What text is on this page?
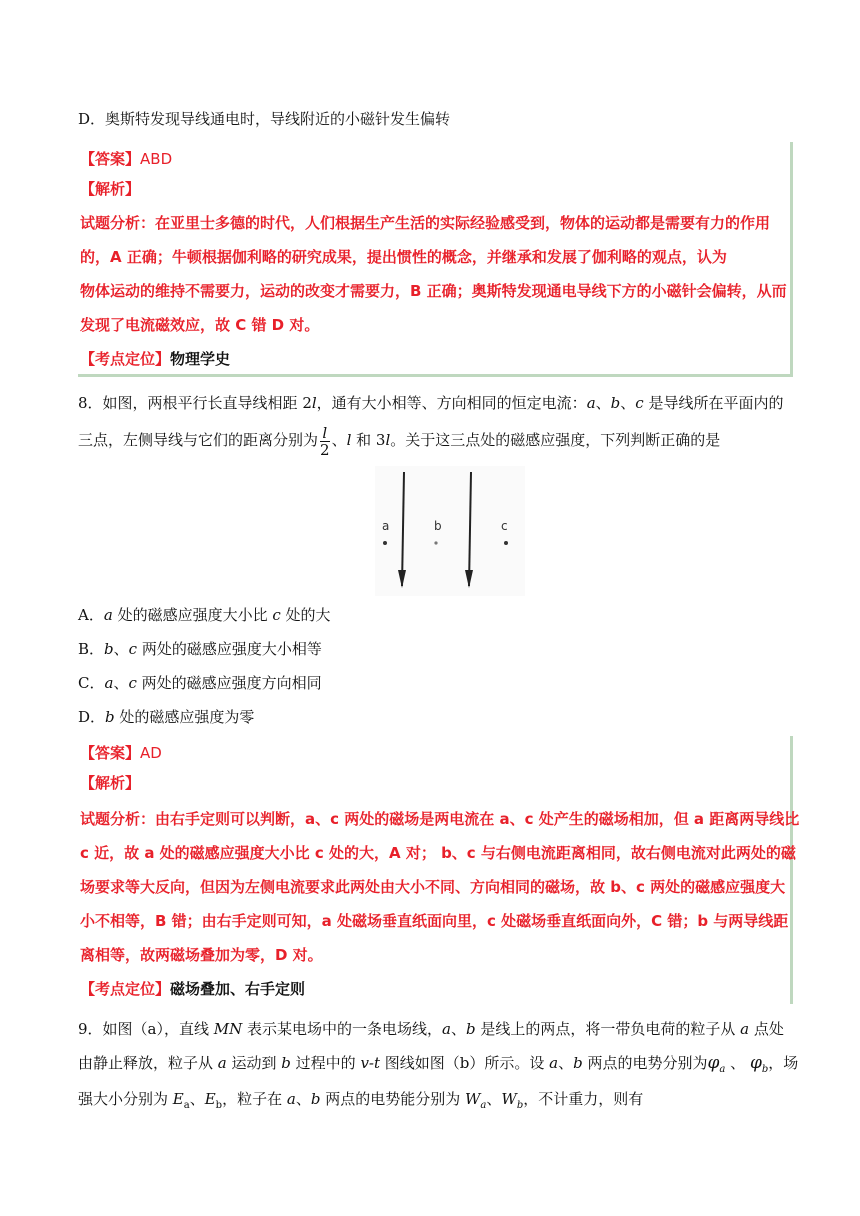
D．奥斯特发现导线通电时，导线附近的小磁针发生偏转
【答案】ABD
【解析】
试题分析：在亚里士多德的时代，人们根据生产生活的实际经验感受到，物体的运动都是需要有力的作用
的，A 正确；牛顿根据伽利略的研究成果，提出惯性的概念，并继承和发展了伽利略的观点，认为
物体运动的维持不需要力，运动的改变才需要力，B 正确；奥斯特发现通电导线下方的小磁针会偏转，从而
发现了电流磁效应，故 C 错 D 对。
【考点定位】物理学史
8．如图，两根平行长直导线相距 2l，通有大小相等、方向相同的恒定电流：a、b、c 是导线所在平面内的
三点，左侧导线与它们的距离分别为 $\frac{l}{2}$ 、l 和 3l。关于这三点处的磁感应强度，下列判断正确的是
a	b	c
A．a 处的磁感应强度大小比 c 处的大
B．b、c 两处的磁感应强度大小相等
C．a、c 两处的磁感应强度方向相同
D．b 处的磁感应强度为零
【答案】AD
【解析】
试题分析：由右手定则可以判断，a、c 两处的磁场是两电流在 a、c 处产生的磁场相加，但 a 距离两导线比
c 近，故 a 处的磁感应强度大小比 c 处的大，A 对； b、c 与右侧电流距离相同，故右侧电流对此两处的磁
场要求等大反向，但因为左侧电流要求此两处由大小不同、方向相同的磁场，故 b、c 两处的磁感应强度大
小不相等，B 错；由右手定则可知，a 处磁场垂直纸面向里，c 处磁场垂直纸面向外，C 错；b 与两导线距
离相等，故两磁场叠加为零，D 对。
【考点定位】磁场叠加、右手定则
9．如图（a），直线 MN 表示某电场中的一条电场线，a、b 是线上的两点，将一带负电荷的粒子从 a 点处
由静止释放，粒子从 a 运动到 b 过程中的 v-t 图线如图（b）所示。设 a、b 两点的电势分别为$\varphi_a$ 、 $\varphi_b$，场
强大小分别为 $E_a$、$E_b$，粒子在 a、b 两点的电势能分别为 $W_a$、$W_b$，不计重力，则有
